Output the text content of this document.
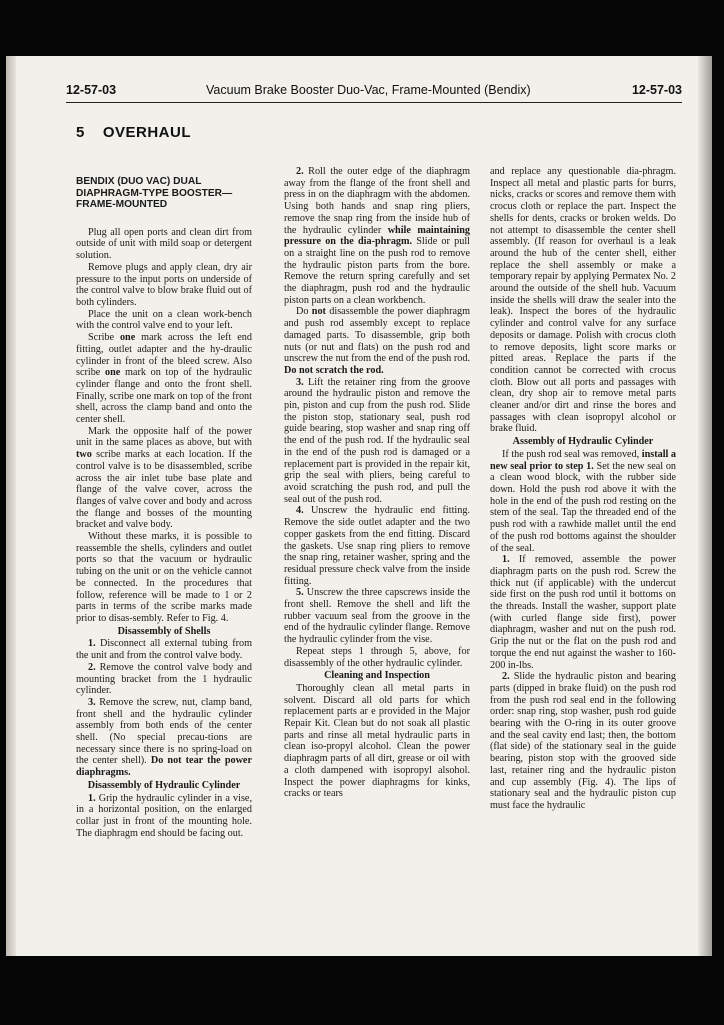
12-57-03	Vacuum Brake Booster Duo-Vac, Frame-Mounted (Bendix)	12-57-03
5 OVERHAUL
BENDIX (DUO VAC) DUAL DIAPHRAGM-TYPE BOOSTER— FRAME-MOUNTED

Plug all open ports and clean dirt from outside of unit with mild soap or detergent solution.

Remove plugs and apply clean, dry air pressure to the input ports on underside of the control valve to blow brake fluid out of both cylinders.

Place the unit on a clean work-bench with the control valve end to your left.

Scribe one mark across the left end fitting, outlet adapter and the hy-draulic cylinder in front of the bleed screw. Also scribe one mark on top of the hydraulic cylinder flange and onto the front shell. Finally, scribe one mark on top of the front shell, across the clamp band and onto the center shell.

Mark the opposite half of the power unit in the same places as above, but with two scribe marks at each location. If the control valve is to be disassembled, scribe across the air inlet tube base plate and flange of the valve cover, across the flanges of valve cover and body and across the flange and bosses of the mounting bracket and valve body.

Without these marks, it is possible to reassemble the shells, cylinders and outlet ports so that the vacuum or hydraulic tubing on the unit or on the vehicle cannot be connected. In the procedures that follow, reference will be made to 1 or 2 parts in terms of the scribe marks made prior to disas-sembly. Refer to Fig. 4.

Disassembly of Shells

1. Disconnect all external tubing from the unit and from the control valve body.

2. Remove the control valve body and mounting bracket from the 1 hydraulic cylinder.

3. Remove the screw, nut, clamp band, front shell and the hydraulic cylinder assembly from both ends of the center shell. (No special precau-tions are necessary since there is no spring-load on the center shell). Do not tear the power diaphragms.

Disassembly of Hydraulic Cylinder

1. Grip the hydraulic cylinder in a vise, in a horizontal position, on the enlarged collar just in front of the mounting hole. The diaphragm end should be facing out.

2. Roll the outer edge of the diaphragm away from the flange of the front shell and press in on the diaphragm with the abdomen. Using both hands and snap ring pliers, remove the snap ring from the inside hub of the hydraulic cylinder while maintaining pressure on the dia-phragm. Slide or pull on a straight line on the push rod to remove the hydraulic piston parts from the bore. Remove the return spring carefully and set the diaphragm, push rod and the hydraulic piston parts on a clean workbench.

Do not disassemble the power diaphragm and push rod assembly except to replace damaged parts. To disassemble, grip both nuts (or nut and flats) on the push rod and unscrew the nut from the end of the push rod. Do not scratch the rod.

3. Lift the retainer ring from the groove around the hydraulic piston and remove the pin, piston and cup from the push rod. Slide the piston stop, stationary seal, push rod guide bearing, stop washer and snap ring off the end of the push rod. If the hydraulic seal in the end of the push rod is damaged or a replacement part is provided in the repair kit, grip the seal with pliers, being careful to avoid scratching the push rod, and pull the seal out of the push rod.

4. Unscrew the hydraulic end fitting. Remove the side outlet adapter and the two copper gaskets from the end fitting. Discard the gaskets. Use snap ring pliers to remove the snap ring, retainer washer, spring and the residual pressure check valve from the inside fitting.

5. Unscrew the three capscrews inside the front shell. Remove the shell and lift the rubber vacuum seal from the groove in the end of the hydraulic cylinder flange. Remove the hydraulic cylinder from the vise.

Repeat steps 1 through 5, above, for disassembly of the other hydraulic cylinder.

Cleaning and Inspection

Thoroughly clean all metal parts in solvent. Discard all old parts for which replacement parts ar e provided in the Major Repair Kit. Clean but do not soak all plastic parts and rinse all metal hydraulic parts in clean iso-propyl alcohol. Clean the power diaphragm parts of all dirt, grease or oil with a cloth dampened with isopropyl alsohol. Inspect the power diaphragms for kinks, cracks or tears

and replace any questionable dia-phragm. Inspect all metal and plastic parts for burrs, nicks, cracks or scores and remove them with crocus cloth or replace the part. Inspect the shells for dents, cracks or broken welds. Do not attempt to disassemble the center shell assembly. (If reason for overhaul is a leak around the hub of the center shell, either replace the shell assembly or make a temporary repair by applying Permatex No. 2 around the outside of the shell hub. Vacuum inside the shells will draw the sealer into the leak). Inspect the bores of the hydraulic cylinder and control valve for any surface deposits or damage. Polish with crocus cloth to remove deposits, light score marks or pitted areas. Replace the parts if the condition cannot be corrected with crocus cloth. Blow out all ports and passages with clean, dry shop air to remove metal parts cleaner and/or dirt and rinse the bores and passages with clean isopropyl alcohol or brake fluid.

Assembly of Hydraulic Cylinder

If the push rod seal was removed, install a new seal prior to step 1. Set the new seal on a clean wood block, with the rubber side down. Hold the push rod above it with the hole in the end of the push rod resting on the stem of the seal. Tap the threaded end of the push rod with a rawhide mallet until the end of the push rod bottoms against the shoulder of the seal.

1. If removed, assemble the power diaphragm parts on the push rod. Screw the thick nut (if applicable) with the undercut side first on the push rod until it bottoms on the threads. Install the washer, support plate (with curled flange side first), power diaphragm, washer and nut on the push rod. Grip the nut or the flat on the push rod and torque the end nut against the washer to 160-200 in-lbs.

2. Slide the hydraulic piston and bearing parts (dipped in brake fluid) on the push rod from the push rod seal end in the following order: snap ring, stop washer, push rod guide bearing with the O-ring in its outer groove and the seal cavity end last; then, the bottom (flat side) of the stationary seal in the guide bearing, piston stop with the grooved side last, retainer ring and the hydraulic piston and cup assembly (Fig. 4). The lips of stationary seal and the hydraulic piston cup must face the hydraulic
